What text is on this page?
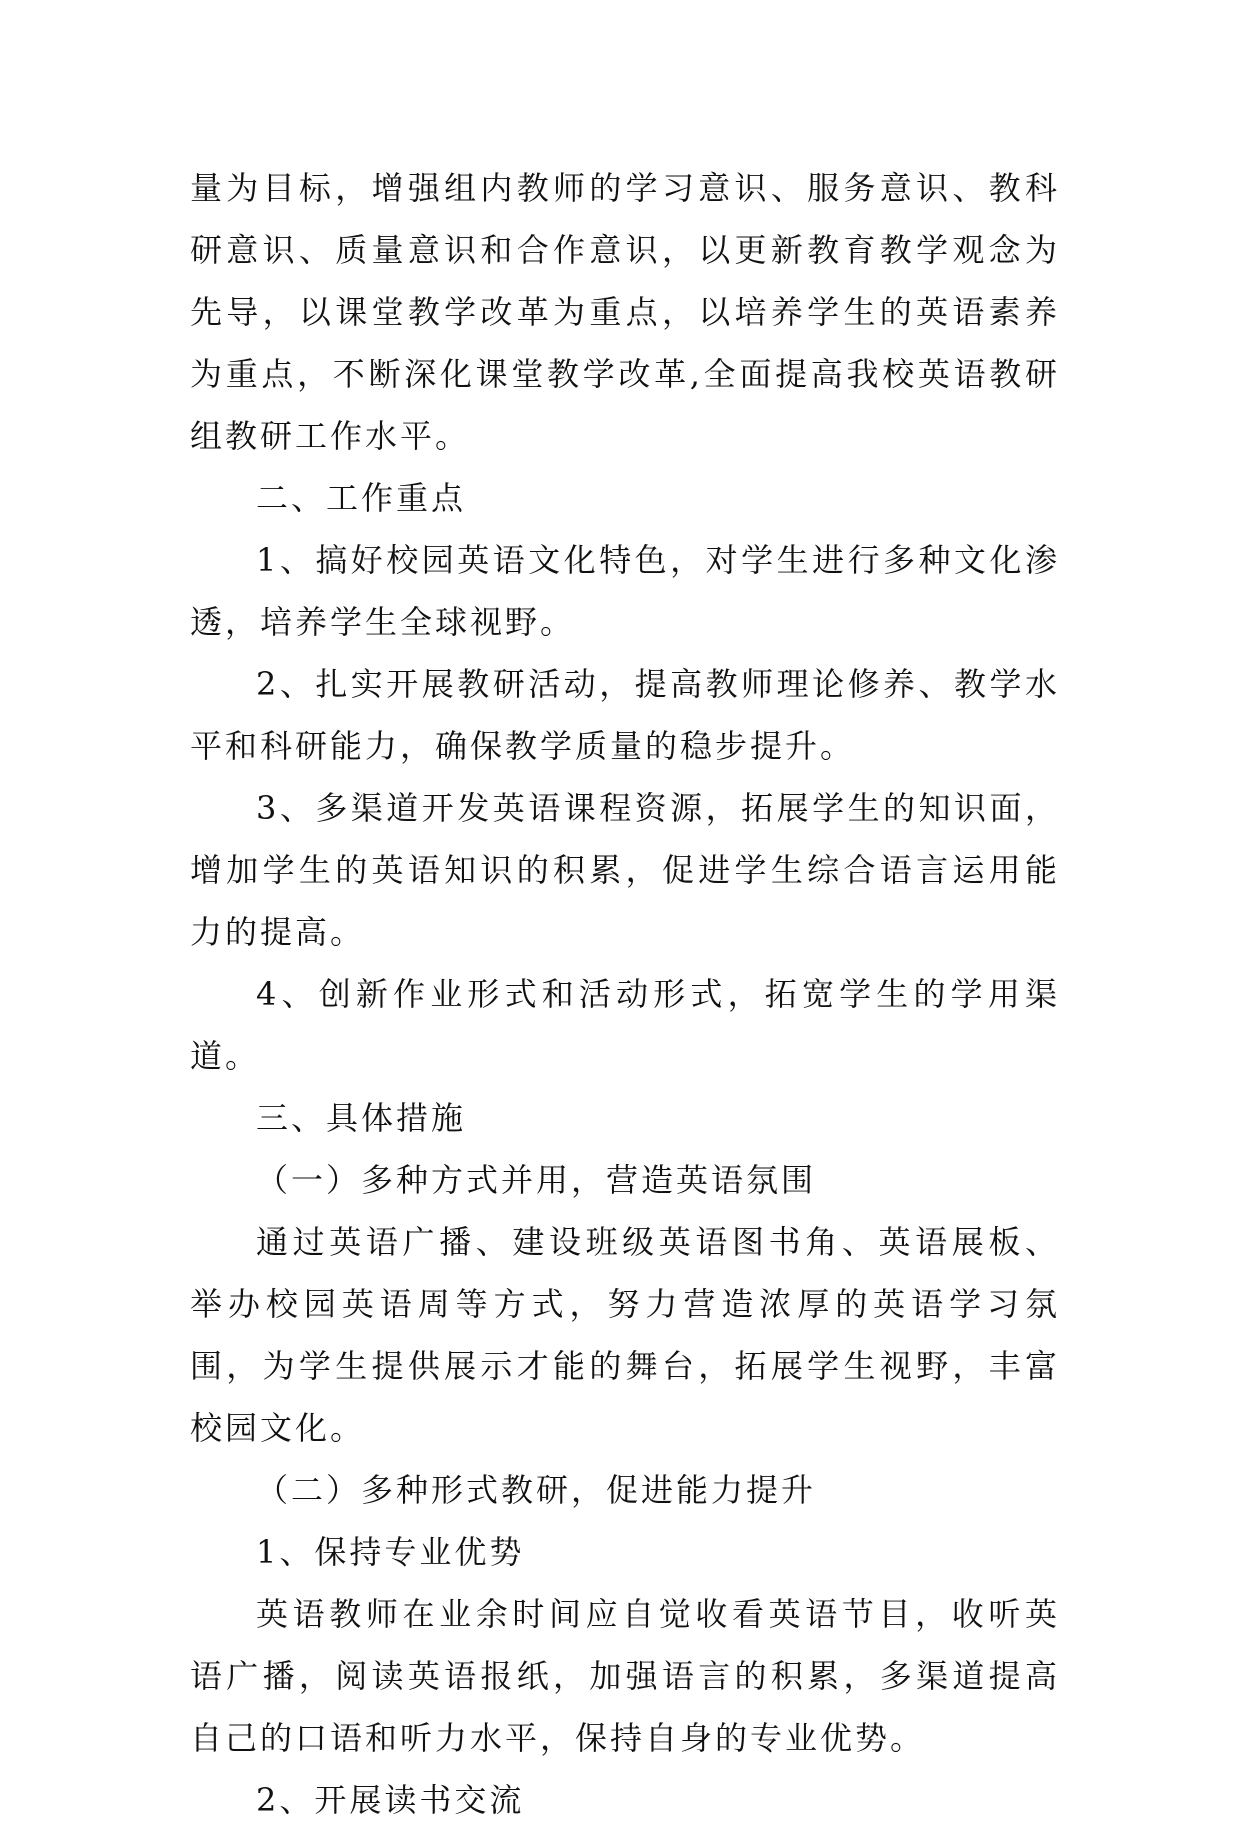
量为目标，增强组内教师的学习意识、服务意识、教科研意识、质量意识和合作意识，以更新教育教学观念为先导，以课堂教学改革为重点，以培养学生的英语素养为重点，不断深化课堂教学改革,全面提高我校英语教研组教研工作水平。

二、工作重点

1、搞好校园英语文化特色，对学生进行多种文化渗透，培养学生全球视野。

2、扎实开展教研活动，提高教师理论修养、教学水平和科研能力，确保教学质量的稳步提升。

3、多渠道开发英语课程资源，拓展学生的知识面，增加学生的英语知识的积累，促进学生综合语言运用能力的提高。

4、创新作业形式和活动形式，拓宽学生的学用渠道。

三、具体措施

（一）多种方式并用，营造英语氛围

通过英语广播、建设班级英语图书角、英语展板、举办校园英语周等方式，努力营造浓厚的英语学习氛围，为学生提供展示才能的舞台，拓展学生视野，丰富校园文化。

（二）多种形式教研，促进能力提升

1、保持专业优势

英语教师在业余时间应自觉收看英语节目，收听英语广播，阅读英语报纸，加强语言的积累，多渠道提高自己的口语和听力水平，保持自身的专业优势。

2、开展读书交流
